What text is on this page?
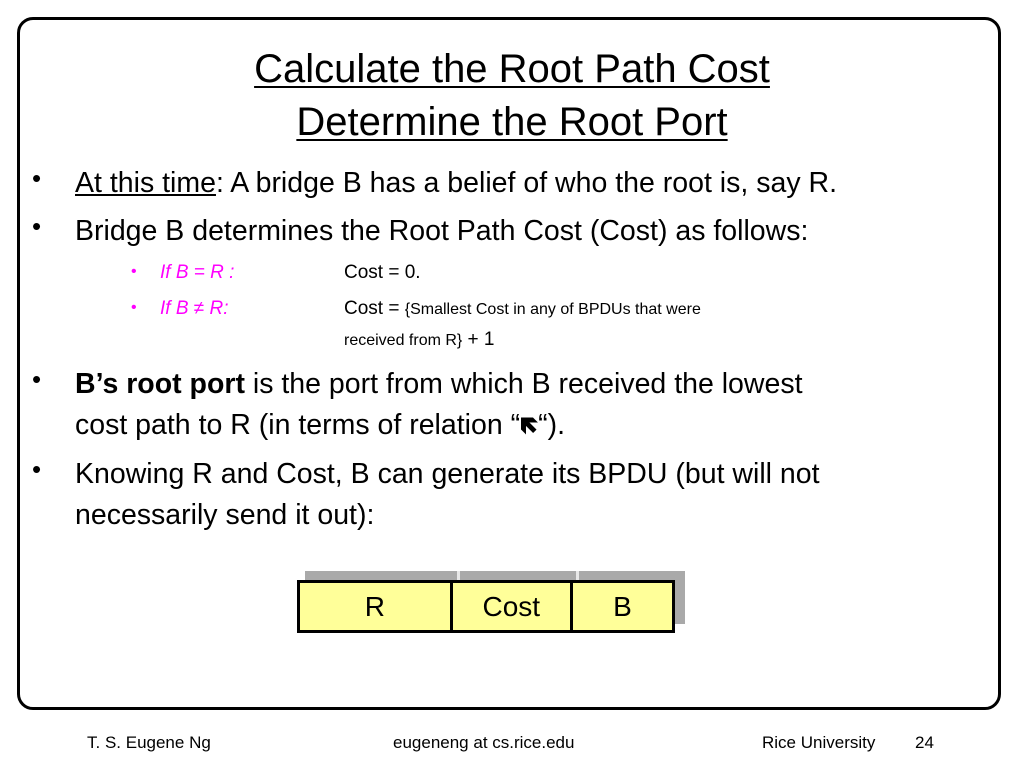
Calculate the Root Path Cost
Determine the Root Port
• At this time: A bridge B has a belief of who the root is, say R.
• Bridge B determines the Root Path Cost (Cost) as follows:
• If B = R :	Cost = 0.
• If B ≠ R:	Cost = {Smallest Cost in any of BPDUs that were
received from R} + 1
• B’s root port is the port from which B received the lowest
cost path to R (in terms of relation “🡼“).
• Knowing R and Cost, B can generate its BPDU (but will not
necessarily send it out):
R	Cost	B
T. S. Eugene Ng	eugeneng at cs.rice.edu	Rice University 24
